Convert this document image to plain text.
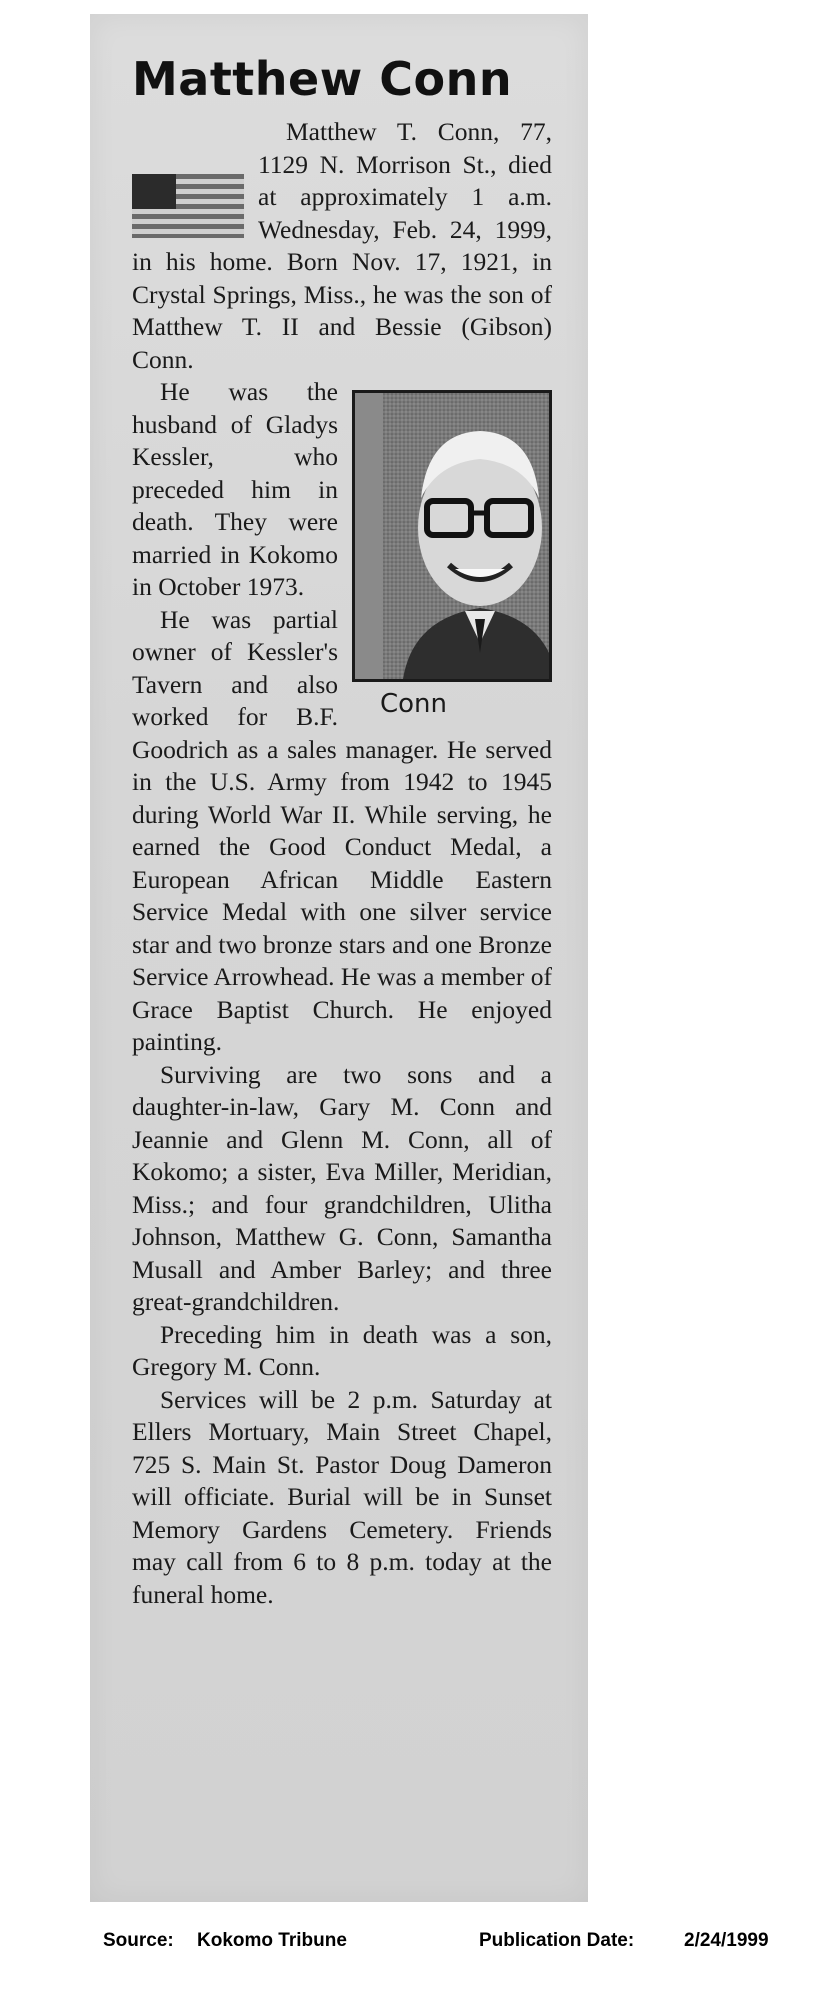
Matthew Conn

Matthew T. Conn, 77, 1129 N. Morrison St., died at approximately 1 a.m. Wednesday, Feb. 24, 1999, in his home. Born Nov. 17, 1921, in Crystal Springs, Miss., he was the son of Matthew T. II and Bessie (Gibson) Conn.

Conn
He was the husband of Gladys Kessler, who preceded him in death. They were married in Kokomo in October 1973.

He was partial owner of Kessler's Tavern and also worked for B.F. Goodrich as a sales manager. He served in the U.S. Army from 1942 to 1945 during World War II. While serving, he earned the Good Conduct Medal, a European African Middle Eastern Service Medal with one silver service star and two bronze stars and one Bronze Service Arrowhead. He was a member of Grace Baptist Church. He enjoyed painting.

Surviving are two sons and a daughter-in-law, Gary M. Conn and Jeannie and Glenn M. Conn, all of Kokomo; a sister, Eva Miller, Meridian, Miss.; and four grandchildren, Ulitha Johnson, Matthew G. Conn, Samantha Musall and Amber Barley; and three great-grandchildren.

Preceding him in death was a son, Gregory M. Conn.

Services will be 2 p.m. Saturday at Ellers Mortuary, Main Street Chapel, 725 S. Main St. Pastor Doug Dameron will officiate. Burial will be in Sunset Memory Gardens Cemetery. Friends may call from 6 to 8 p.m. today at the funeral home.

Source: Kokomo Tribune	Publication Date:	2/24/1999
